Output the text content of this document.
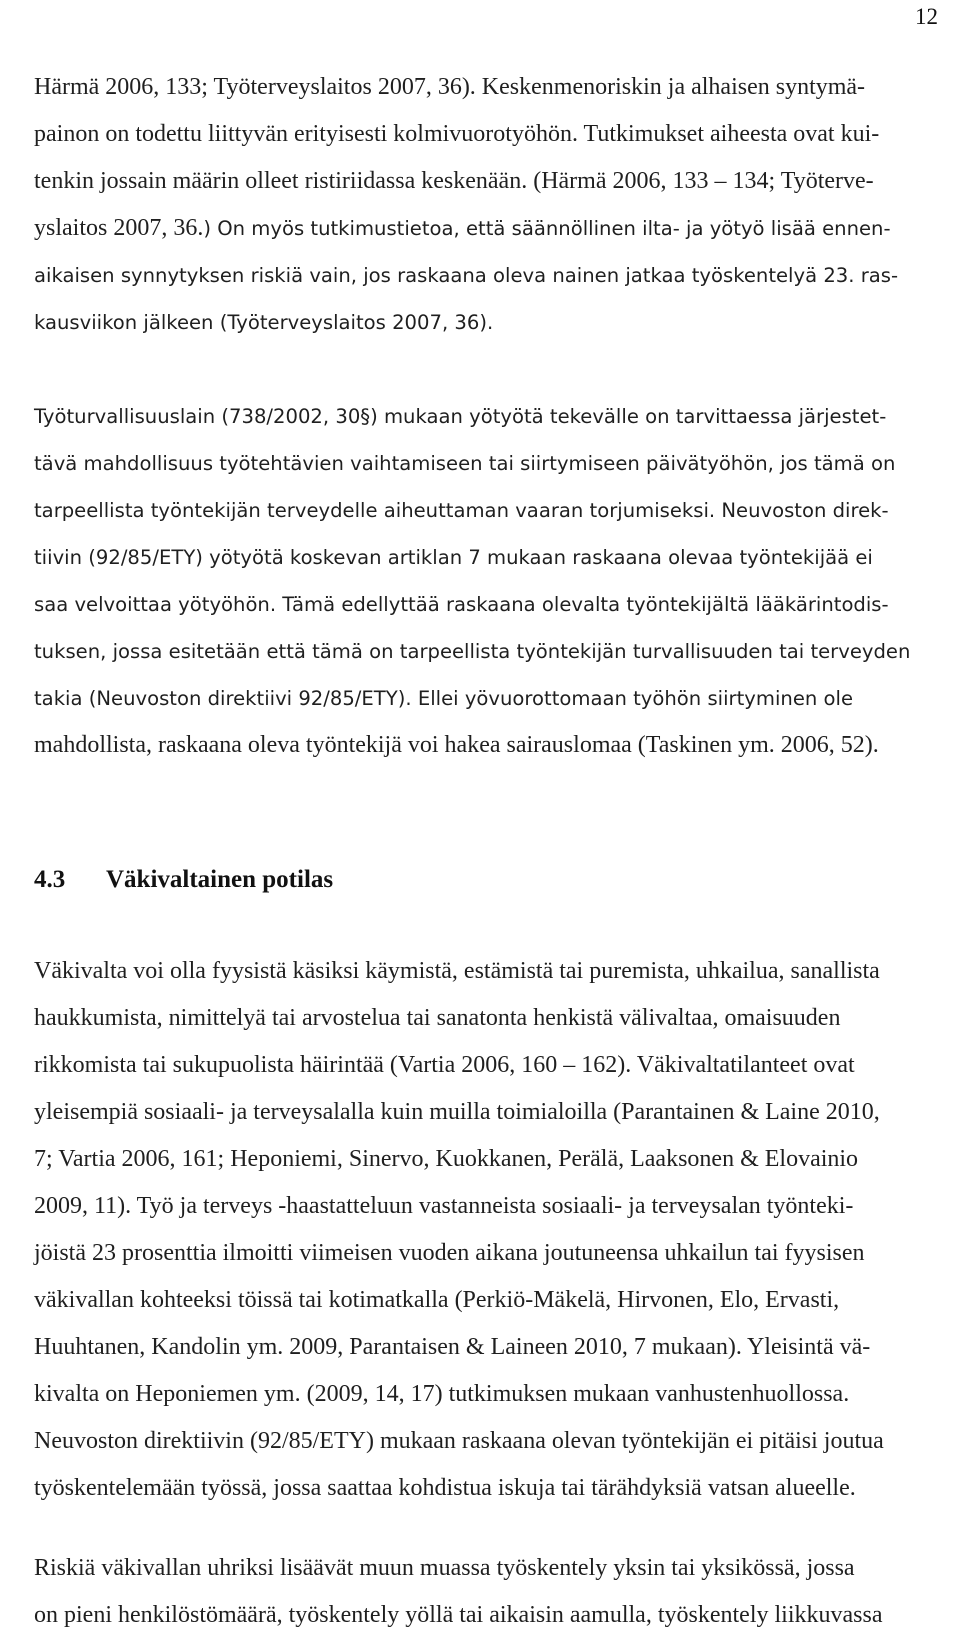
12

Härmä 2006, 133; Työterveyslaitos 2007, 36). Keskenmenoriskin ja alhaisen syntymä-
painon on todettu liittyvän erityisesti kolmivuorotyöhön. Tutkimukset aiheesta ovat kui-
tenkin jossain määrin olleet ristiriidassa keskenään. (Härmä 2006, 133 – 134; Työterve-
yslaitos 2007, 36.) On myös tutkimustietoa, että säännöllinen ilta- ja yötyö lisää ennen-
aikaisen synnytyksen riskiä vain, jos raskaana oleva nainen jatkaa työskentelyä 23. ras-
kausviikon jälkeen (Työterveyslaitos 2007, 36).

Työturvallisuuslain (738/2002, 30§) mukaan yötyötä tekevälle on tarvittaessa järjestet-
tävä mahdollisuus työtehtävien vaihtamiseen tai siirtymiseen päivätyöhön, jos tämä on
tarpeellista työntekijän terveydelle aiheuttaman vaaran torjumiseksi. Neuvoston direk-
tiivin (92/85/ETY) yötyötä koskevan artiklan 7 mukaan raskaana olevaa työntekijää ei
saa velvoittaa yötyöhön. Tämä edellyttää raskaana olevalta työntekijältä lääkärintodis-
tuksen, jossa esitetään että tämä on tarpeellista työntekijän turvallisuuden tai terveyden
takia (Neuvoston direktiivi 92/85/ETY). Ellei yövuorottomaan työhön siirtyminen ole
mahdollista, raskaana oleva työntekijä voi hakea sairauslomaa (Taskinen ym. 2006, 52).

4.3 Väkivaltainen potilas

Väkivalta voi olla fyysistä käsiksi käymistä, estämistä tai puremista, uhkailua, sanallista
haukkumista, nimittelyä tai arvostelua tai sanatonta henkistä välivaltaa, omaisuuden
rikkomista tai sukupuolista häirintää (Vartia 2006, 160 – 162). Väkivaltatilanteet ovat
yleisempiä sosiaali- ja terveysalalla kuin muilla toimialoilla (Parantainen & Laine 2010,
7; Vartia 2006, 161; Heponiemi, Sinervo, Kuokkanen, Perälä, Laaksonen & Elovainio
2009, 11). Työ ja terveys -haastatteluun vastanneista sosiaali- ja terveysalan työnteki-
jöistä 23 prosenttia ilmoitti viimeisen vuoden aikana joutuneensa uhkailun tai fyysisen
väkivallan kohteeksi töissä tai kotimatkalla (Perkiö-Mäkelä, Hirvonen, Elo, Ervasti,
Huuhtanen, Kandolin ym. 2009, Parantaisen & Laineen 2010, 7 mukaan). Yleisintä vä-
kivalta on Heponiemen ym. (2009, 14, 17) tutkimuksen mukaan vanhustenhuollossa.
Neuvoston direktiivin (92/85/ETY) mukaan raskaana olevan työntekijän ei pitäisi joutua
työskentelemään työssä, jossa saattaa kohdistua iskuja tai tärähdyksiä vatsan alueelle.

Riskiä väkivallan uhriksi lisäävät muun muassa työskentely yksin tai yksikössä, jossa
on pieni henkilöstömäärä, työskentely yöllä tai aikaisin aamulla, työskentely liikkuvassa
